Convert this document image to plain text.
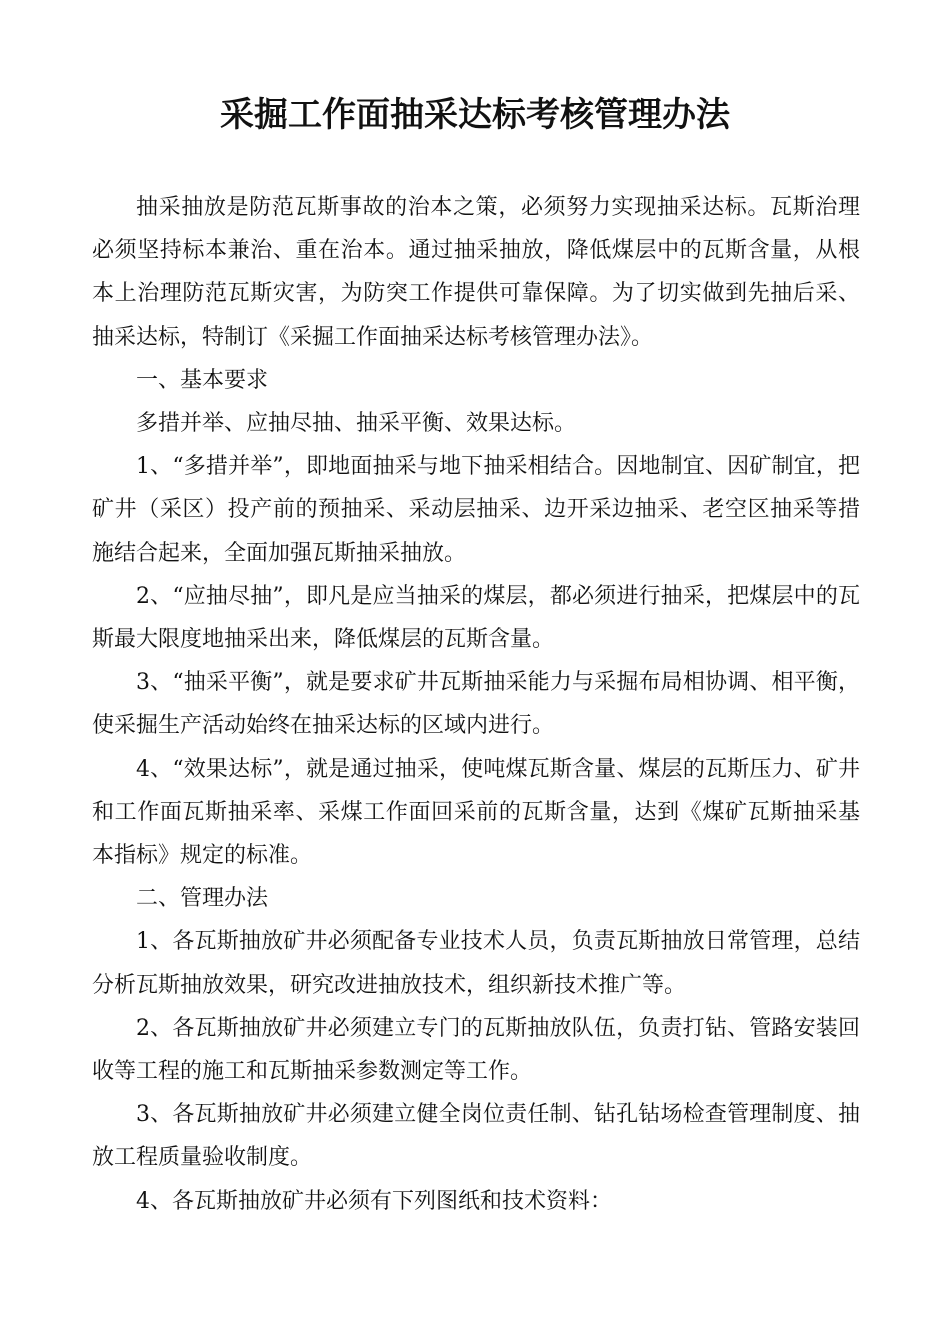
采掘工作面抽采达标考核管理办法

抽采抽放是防范瓦斯事故的治本之策，必须努力实现抽采达标。瓦斯治理必须坚持标本兼治、重在治本。通过抽采抽放，降低煤层中的瓦斯含量，从根本上治理防范瓦斯灾害，为防突工作提供可靠保障。为了切实做到先抽后采、抽采达标，特制订《采掘工作面抽采达标考核管理办法》。

一、基本要求

多措并举、应抽尽抽、抽采平衡、效果达标。

1、“多措并举”，即地面抽采与地下抽采相结合。因地制宜、因矿制宜，把矿井（采区）投产前的预抽采、采动层抽采、边开采边抽采、老空区抽采等措施结合起来，全面加强瓦斯抽采抽放。

2、“应抽尽抽”，即凡是应当抽采的煤层，都必须进行抽采，把煤层中的瓦斯最大限度地抽采出来，降低煤层的瓦斯含量。

3、“抽采平衡”，就是要求矿井瓦斯抽采能力与采掘布局相协调、相平衡，使采掘生产活动始终在抽采达标的区域内进行。

4、“效果达标”，就是通过抽采，使吨煤瓦斯含量、煤层的瓦斯压力、矿井和工作面瓦斯抽采率、采煤工作面回采前的瓦斯含量，达到《煤矿瓦斯抽采基本指标》规定的标准。

二、管理办法

1、各瓦斯抽放矿井必须配备专业技术人员，负责瓦斯抽放日常管理，总结分析瓦斯抽放效果，研究改进抽放技术，组织新技术推广等。

2、各瓦斯抽放矿井必须建立专门的瓦斯抽放队伍，负责打钻、管路安装回收等工程的施工和瓦斯抽采参数测定等工作。

3、各瓦斯抽放矿井必须建立健全岗位责任制、钻孔钻场检查管理制度、抽放工程质量验收制度。

4、各瓦斯抽放矿井必须有下列图纸和技术资料：
